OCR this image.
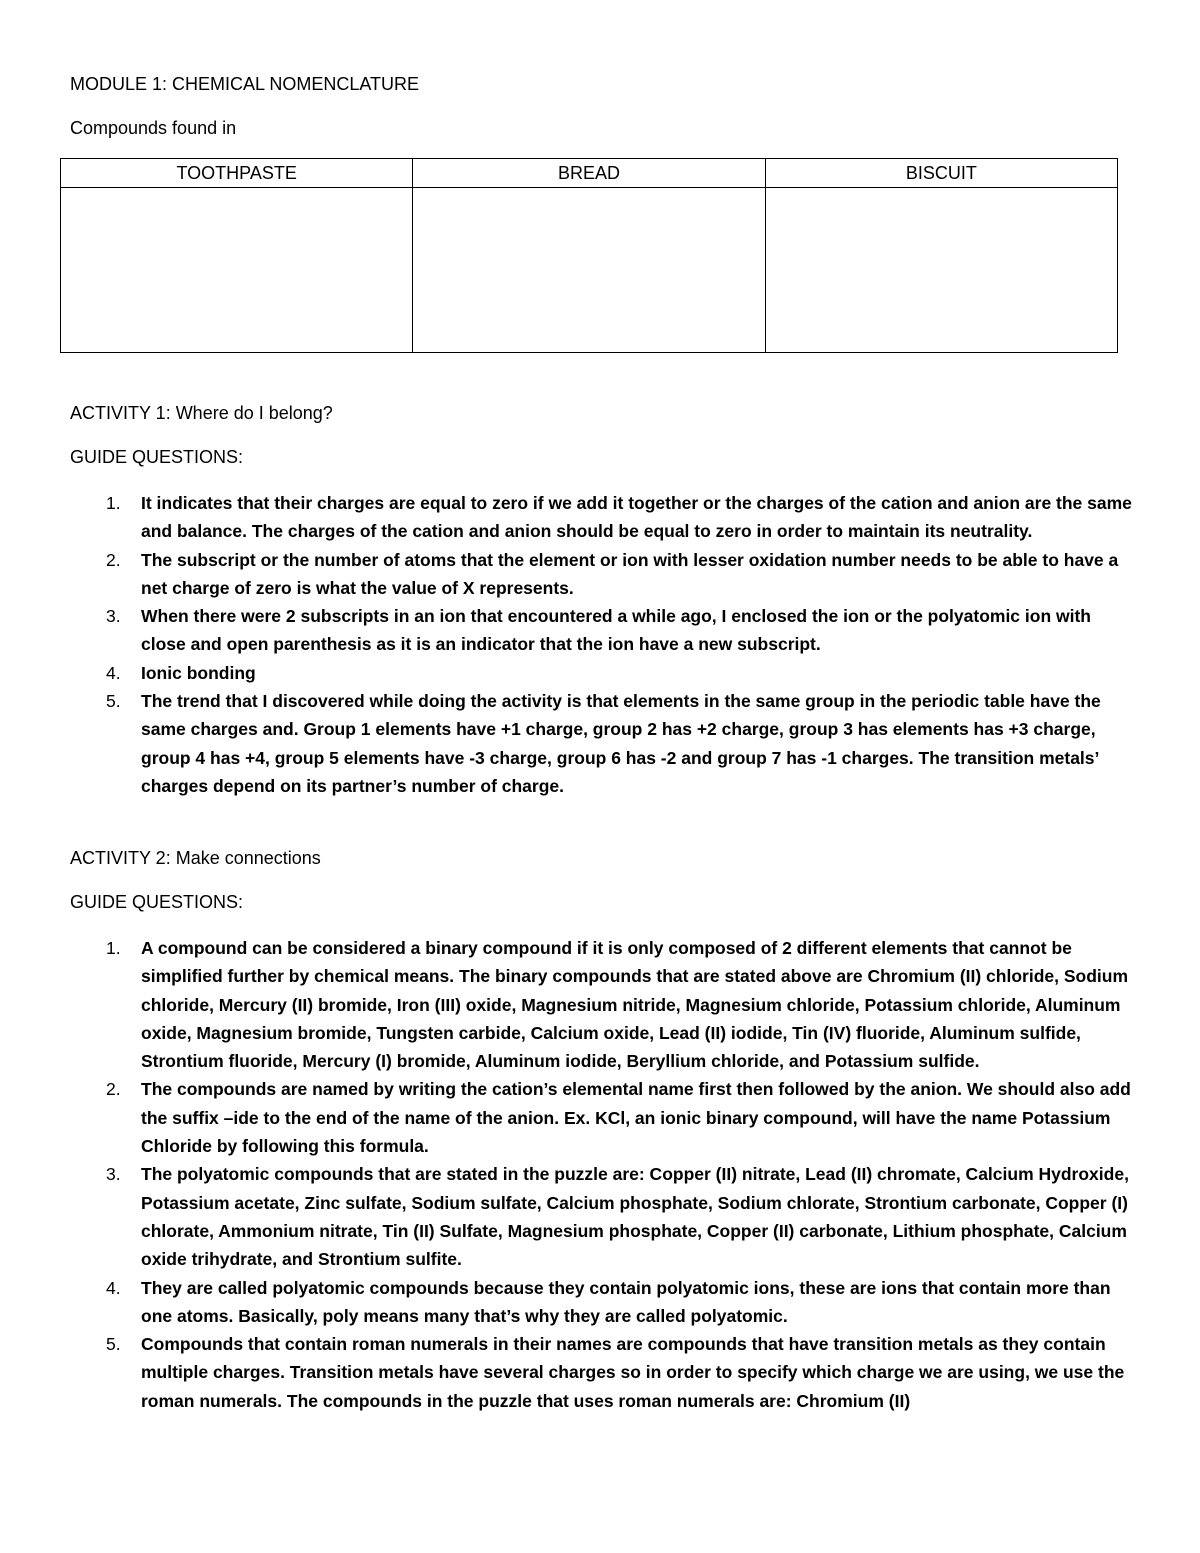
MODULE 1: CHEMICAL NOMENCLATURE
Compounds found in
TOOTHPASTE	BREAD	BISCUIT

ACTIVITY 1: Where do I belong?
GUIDE QUESTIONS:
1. It indicates that their charges are equal to zero if we add it together or the charges of the cation and anion are the same and balance. The charges of the cation and anion should be equal to zero in order to maintain its neutrality.
2. The subscript or the number of atoms that the element or ion with lesser oxidation number needs to be able to have a net charge of zero is what the value of X represents.
3. When there were 2 subscripts in an ion that encountered a while ago, I enclosed the ion or the polyatomic ion with close and open parenthesis as it is an indicator that the ion have a new subscript.
4. Ionic bonding
5. The trend that I discovered while doing the activity is that elements in the same group in the periodic table have the same charges and. Group 1 elements have +1 charge, group 2 has +2 charge, group 3 has elements has +3 charge, group 4 has +4, group 5 elements have -3 charge, group 6 has -2 and group 7 has -1 charges. The transition metals’ charges depend on its partner’s number of charge.
ACTIVITY 2: Make connections
GUIDE QUESTIONS:
1. A compound can be considered a binary compound if it is only composed of 2 different elements that cannot be simplified further by chemical means. The binary compounds that are stated above are Chromium (II) chloride, Sodium chloride, Mercury (II) bromide, Iron (III) oxide, Magnesium nitride, Magnesium chloride, Potassium chloride, Aluminum oxide, Magnesium bromide, Tungsten carbide, Calcium oxide, Lead (II) iodide, Tin (IV) fluoride, Aluminum sulfide, Strontium fluoride, Mercury (I) bromide, Aluminum iodide, Beryllium chloride, and Potassium sulfide.
2. The compounds are named by writing the cation’s elemental name first then followed by the anion. We should also add the suffix –ide to the end of the name of the anion. Ex. KCl, an ionic binary compound, will have the name Potassium Chloride by following this formula.
3. The polyatomic compounds that are stated in the puzzle are: Copper (II) nitrate, Lead (II) chromate, Calcium Hydroxide, Potassium acetate, Zinc sulfate, Sodium sulfate, Calcium phosphate, Sodium chlorate, Strontium carbonate, Copper (I) chlorate, Ammonium nitrate, Tin (II) Sulfate, Magnesium phosphate, Copper (II) carbonate, Lithium phosphate, Calcium oxide trihydrate, and Strontium sulfite.
4. They are called polyatomic compounds because they contain polyatomic ions, these are ions that contain more than one atoms. Basically, poly means many that’s why they are called polyatomic.
5. Compounds that contain roman numerals in their names are compounds that have transition metals as they contain multiple charges. Transition metals have several charges so in order to specify which charge we are using, we use the roman numerals. The compounds in the puzzle that uses roman numerals are: Chromium (II)
